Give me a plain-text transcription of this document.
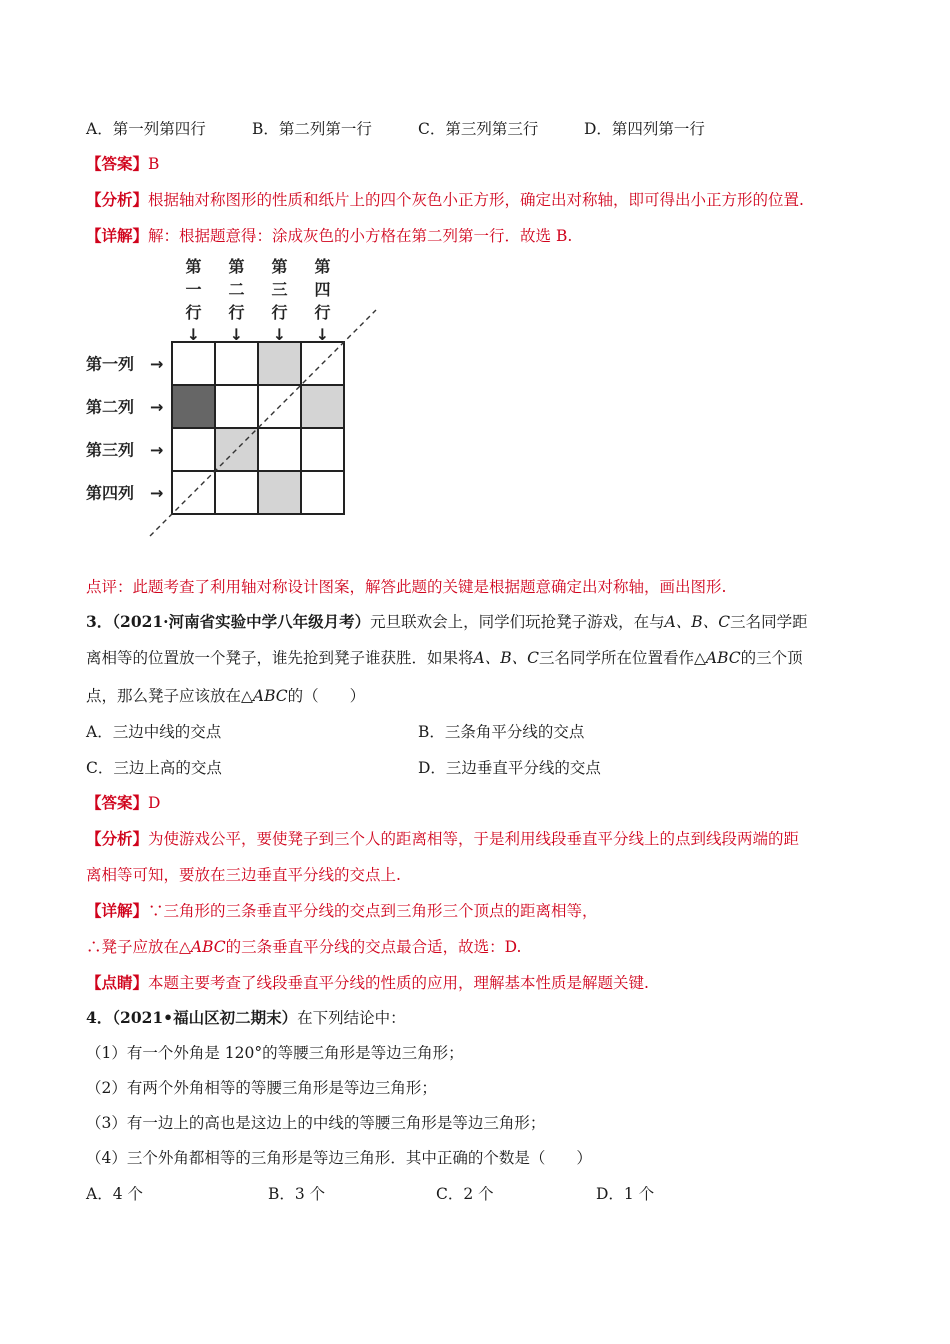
A．第一列第四行	B．第二列第一行	C．第三列第三行	D．第四列第一行
【答案】B
【分析】根据轴对称图形的性质和纸片上的四个灰色小正方形，确定出对称轴，即可得出小正方形的位置.
【详解】解：根据题意得：涂成灰色的小方格在第二列第一行．故选 B.
第一行
↓
第二行
↓
第三行
↓
第四行
↓
第一列 →
第二列 →
第三列 →
第四列 →
点评：此题考查了利用轴对称设计图案，解答此题的关键是根据题意确定出对称轴，画出图形.
3．（2021·河南省实验中学八年级月考）元旦联欢会上，同学们玩抢凳子游戏，在与A、B、C三名同学距
离相等的位置放一个凳子，谁先抢到凳子谁获胜．如果将A、B、C三名同学所在位置看作△ABC的三个顶
点，那么凳子应该放在△ABC的（　　）
A．三边中线的交点	B．三条角平分线的交点
C．三边上高的交点	D．三边垂直平分线的交点
【答案】D
【分析】为使游戏公平，要使凳子到三个人的距离相等，于是利用线段垂直平分线上的点到线段两端的距
离相等可知，要放在三边垂直平分线的交点上.
【详解】∵三角形的三条垂直平分线的交点到三角形三个顶点的距离相等，
∴凳子应放在△ABC的三条垂直平分线的交点最合适，故选：D.
【点睛】本题主要考查了线段垂直平分线的性质的应用，理解基本性质是解题关键.
4．（2021•福山区初二期末）在下列结论中：
（1）有一个外角是 120°的等腰三角形是等边三角形；
（2）有两个外角相等的等腰三角形是等边三角形；
（3）有一边上的高也是这边上的中线的等腰三角形是等边三角形；
（4）三个外角都相等的三角形是等边三角形．其中正确的个数是（　　）
A．4 个	B．3 个	C．2 个	D．1 个
